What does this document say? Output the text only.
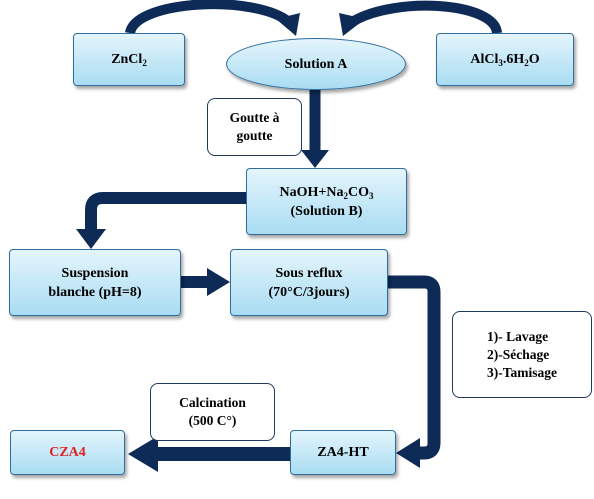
ZnCl$_2$	Solution A	$AlCl_3.6H_2O$
Goutte à
goutte
$NaOH+Na_2CO_3$
(Solution B)
Suspension
blanche (pH=8)
Sous reflux
(70°C/3jours)
1)- Lavage
2)-Séchage
3)-Tamisage
Calcination
(500 C°)
ZA4-HT
CZA4
